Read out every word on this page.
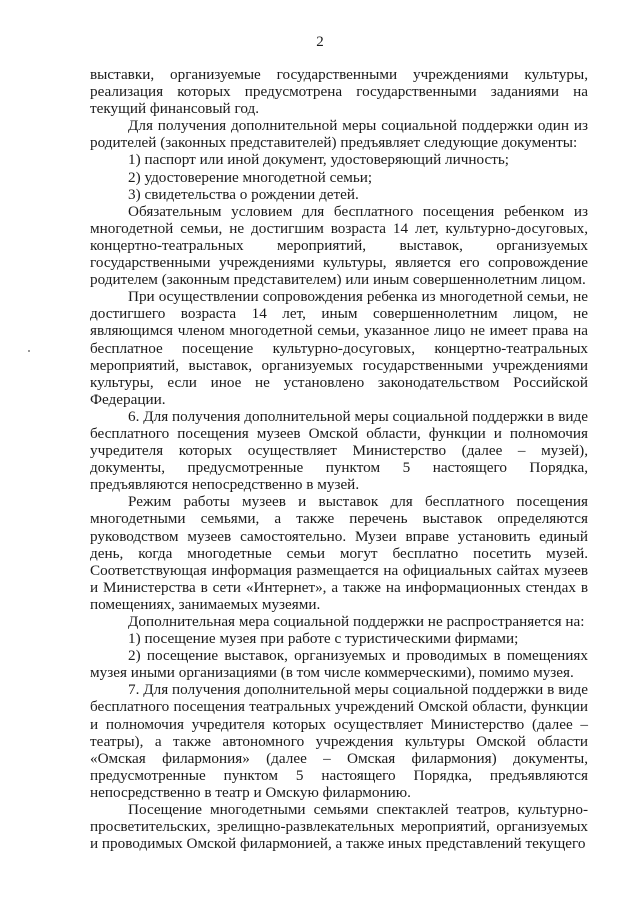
2

выставки, организуемые государственными учреждениями культуры, реализация которых предусмотрена государственными заданиями на текущий финансовый год.

Для получения дополнительной меры социальной поддержки один из родителей (законных представителей) предъявляет следующие документы:

1) паспорт или иной документ, удостоверяющий личность;

2) удостоверение многодетной семьи;

3) свидетельства о рождении детей.

Обязательным условием для бесплатного посещения ребенком из многодетной семьи, не достигшим возраста 14 лет, культурно-досуговых, концертно-театральных мероприятий, выставок, организуемых государственными учреждениями культуры, является его сопровождение родителем (законным представителем) или иным совершеннолетним лицом.

При осуществлении сопровождения ребенка из многодетной семьи, не достигшего возраста 14 лет, иным совершеннолетним лицом, не являющимся членом многодетной семьи, указанное лицо не имеет права на бесплатное посещение культурно-досуговых, концертно-театральных мероприятий, выставок, организуемых государственными учреждениями культуры, если иное не установлено законодательством Российской Федерации.

6. Для получения дополнительной меры социальной поддержки в виде бесплатного посещения музеев Омской области, функции и полномочия учредителя которых осуществляет Министерство (далее – музей), документы, предусмотренные пунктом 5 настоящего Порядка, предъявляются непосредственно в музей.

Режим работы музеев и выставок для бесплатного посещения многодетными семьями, а также перечень выставок определяются руководством музеев самостоятельно. Музеи вправе установить единый день, когда многодетные семьи могут бесплатно посетить музей. Соответствующая информация размещается на официальных сайтах музеев и Министерства в сети «Интернет», а также на информационных стендах в помещениях, занимаемых музеями.

Дополнительная мера социальной поддержки не распространяется на:

1) посещение музея при работе с туристическими фирмами;

2) посещение выставок, организуемых и проводимых в помещениях музея иными организациями (в том числе коммерческими), помимо музея.

7. Для получения дополнительной меры социальной поддержки в виде бесплатного посещения театральных учреждений Омской области, функции и полномочия учредителя которых осуществляет Министерство (далее – театры), а также автономного учреждения культуры Омской области «Омская филармония» (далее – Омская филармония) документы, предусмотренные пунктом 5 настоящего Порядка, предъявляются непосредственно в театр и Омскую филармонию.

Посещение многодетными семьями спектаклей театров, культурно-просветительских, зрелищно-развлекательных мероприятий, организуемых и проводимых Омской филармонией, а также иных представлений текущего
